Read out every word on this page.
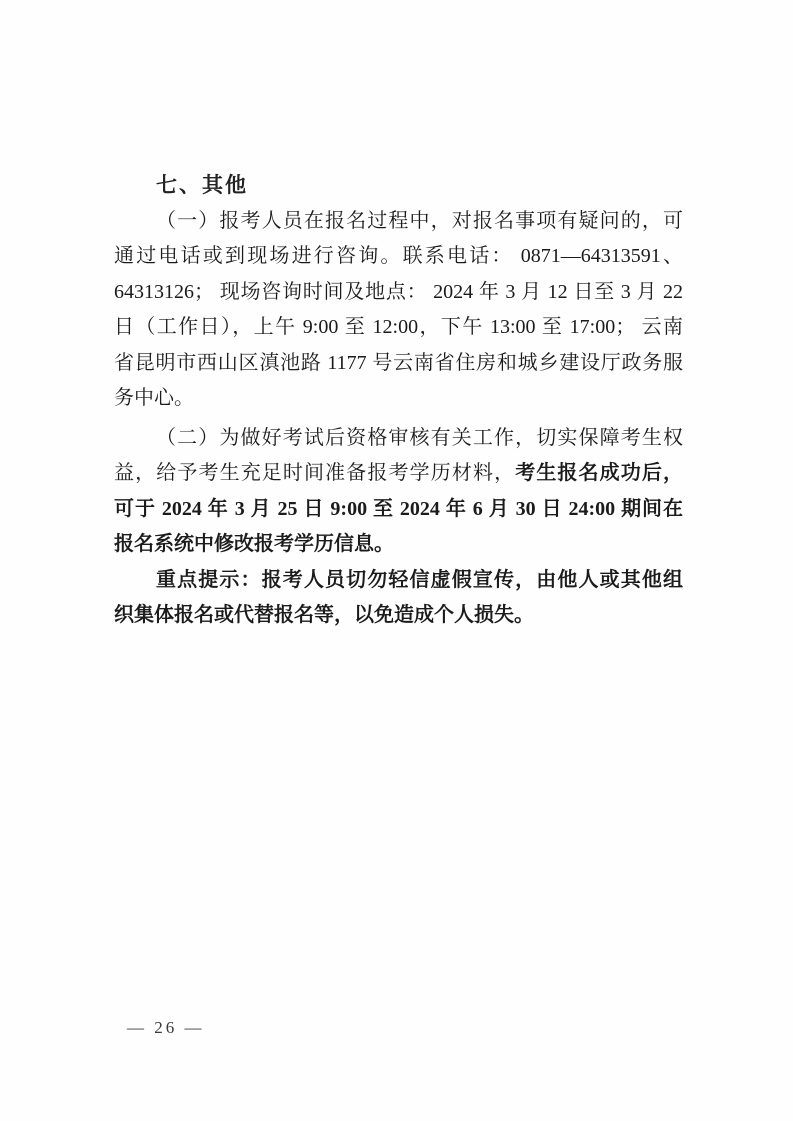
七、其他
（一）报考人员在报名过程中，对报名事项有疑问的，可
通过电话或到现场进行咨询。联系电话： 0871—64313591、
64313126； 现场咨询时间及地点： 2024 年 3 月 12 日至 3 月 22
日（工作日），上午 9:00 至 12:00，下午 13:00 至 17:00； 云南
省昆明市西山区滇池路 1177 号云南省住房和城乡建设厅政务服
务中心。
（二）为做好考试后资格审核有关工作，切实保障考生权
益，给予考生充足时间准备报考学历材料，考生报名成功后，
可于 2024 年 3 月 25 日 9:00 至 2024 年 6 月 30 日 24:00 期间在
报名系统中修改报考学历信息。
重点提示：报考人员切勿轻信虚假宣传，由他人或其他组
织集体报名或代替报名等，以免造成个人损失。
— 26 —
